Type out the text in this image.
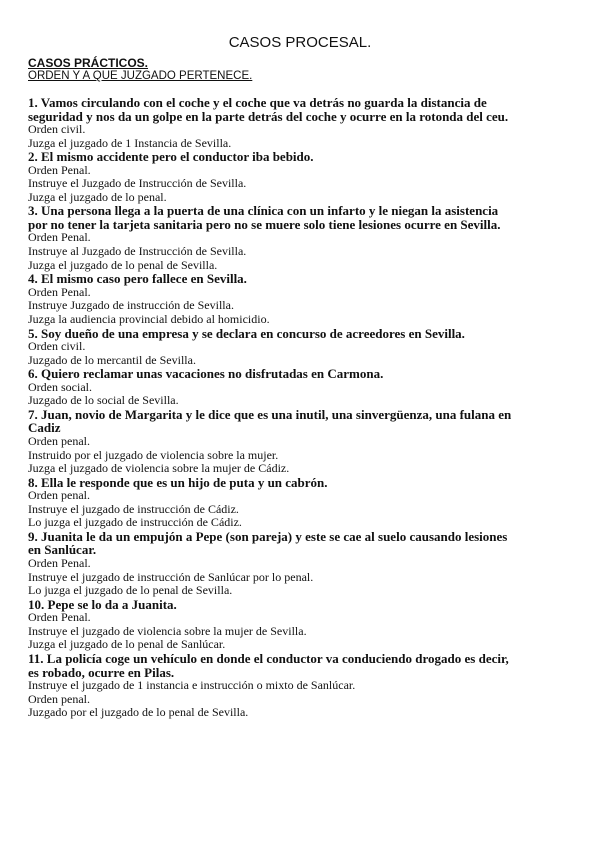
CASOS PROCESAL.
CASOS PRÁCTICOS.
ORDEN Y A QUE JUZGADO PERTENECE.

1. Vamos circulando con el coche y el coche que va detrás no guarda la distancia de seguridad y nos da un golpe en la parte detrás del coche y ocurre en la rotonda del ceu.

Orden civil.

Juzga el juzgado de 1 Instancia de Sevilla.

2. El mismo accidente pero el conductor iba bebido.

Orden Penal.

Instruye el Juzgado de Instrucción de Sevilla.

Juzga el juzgado de lo penal.

3. Una persona llega a la puerta de una clínica con un infarto y le niegan la asistencia por no tener la tarjeta sanitaria pero no se muere solo tiene lesiones ocurre en Sevilla.

Orden Penal.

Instruye al Juzgado de Instrucción de Sevilla.

Juzga el juzgado de lo penal de Sevilla.

4. El mismo caso pero fallece en Sevilla.

Orden Penal.

Instruye Juzgado de instrucción de Sevilla.

Juzga la audiencia provincial debido al homicidio.

5. Soy dueño de una empresa y se declara en concurso de acreedores en Sevilla.

Orden civil.

Juzgado de lo mercantil de Sevilla.

6. Quiero reclamar unas vacaciones no disfrutadas en Carmona.

Orden social.

Juzgado de lo social de Sevilla.

7. Juan, novio de Margarita y le dice que es una inutil, una sinvergüenza, una fulana en Cadiz

Orden penal.

Instruido por el juzgado de violencia sobre la mujer.

Juzga el juzgado de violencia sobre la mujer de Cádiz.

8. Ella le responde que es un hijo de puta y un cabrón.

Orden penal.

Instruye el juzgado de instrucción de Cádiz.

Lo juzga el juzgado de instrucción de Cádiz.

9. Juanita le da un empujón a Pepe (son pareja) y este se cae al suelo causando lesiones en Sanlúcar.

Orden Penal.

Instruye el juzgado de instrucción de Sanlúcar por lo penal.

Lo juzga el juzgado de lo penal de Sevilla.

10. Pepe se lo da a Juanita.

Orden Penal.

Instruye el juzgado de violencia sobre la mujer de Sevilla.

Juzga el juzgado de lo penal de Sanlúcar.

11. La policía coge un vehículo en donde el conductor va conduciendo drogado es decir, es robado, ocurre en Pilas.

Instruye el juzgado de 1 instancia e instrucción o mixto de Sanlúcar.

Orden penal.

Juzgado por el juzgado de lo penal de Sevilla.
